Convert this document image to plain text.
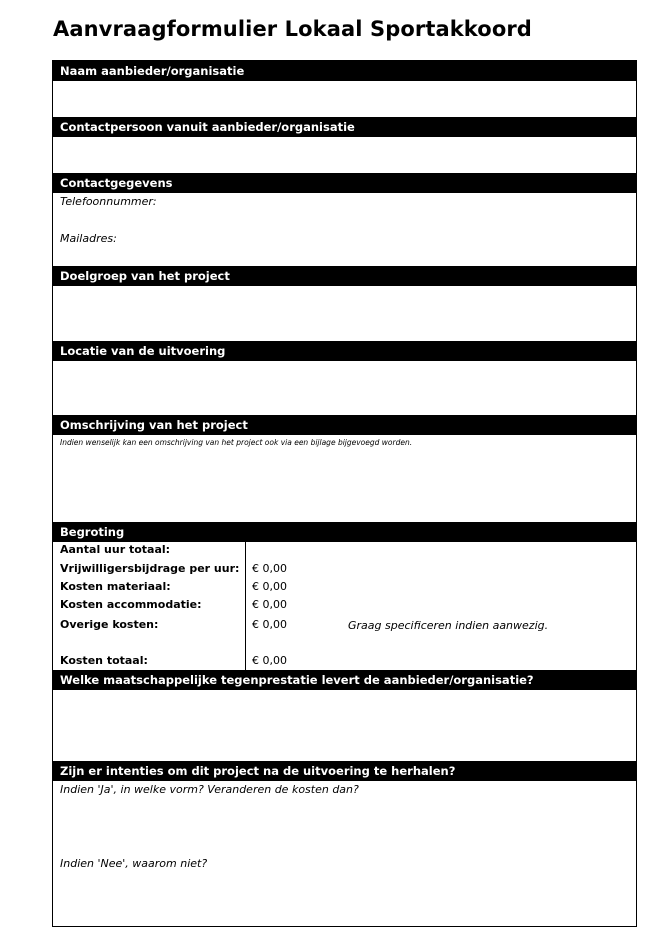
Aanvraagformulier Lokaal Sportakkoord
Naam aanbieder/organisatie
Contactpersoon vanuit aanbieder/organisatie
Contactgegevens
Telefoonnummer:
Mailadres:
Doelgroep van het project
Locatie van de uitvoering
Omschrijving van het project
Indien wenselijk kan een omschrijving van het project ook via een bijlage bijgevoegd worden.
Begroting
Aantal uur totaal:
Vrijwilligersbijdrage per uur: € 0,00
Kosten materiaal:	€ 0,00
Kosten accommodatie:	€ 0,00
Overige kosten:	€ 0,00	Graag specificeren indien aanwezig.
Kosten totaal:	€ 0,00
Welke maatschappelijke tegenprestatie levert de aanbieder/organisatie?
Zijn er intenties om dit project na de uitvoering te herhalen?
Indien 'Ja', in welke vorm? Veranderen de kosten dan?
Indien 'Nee', waarom niet?
